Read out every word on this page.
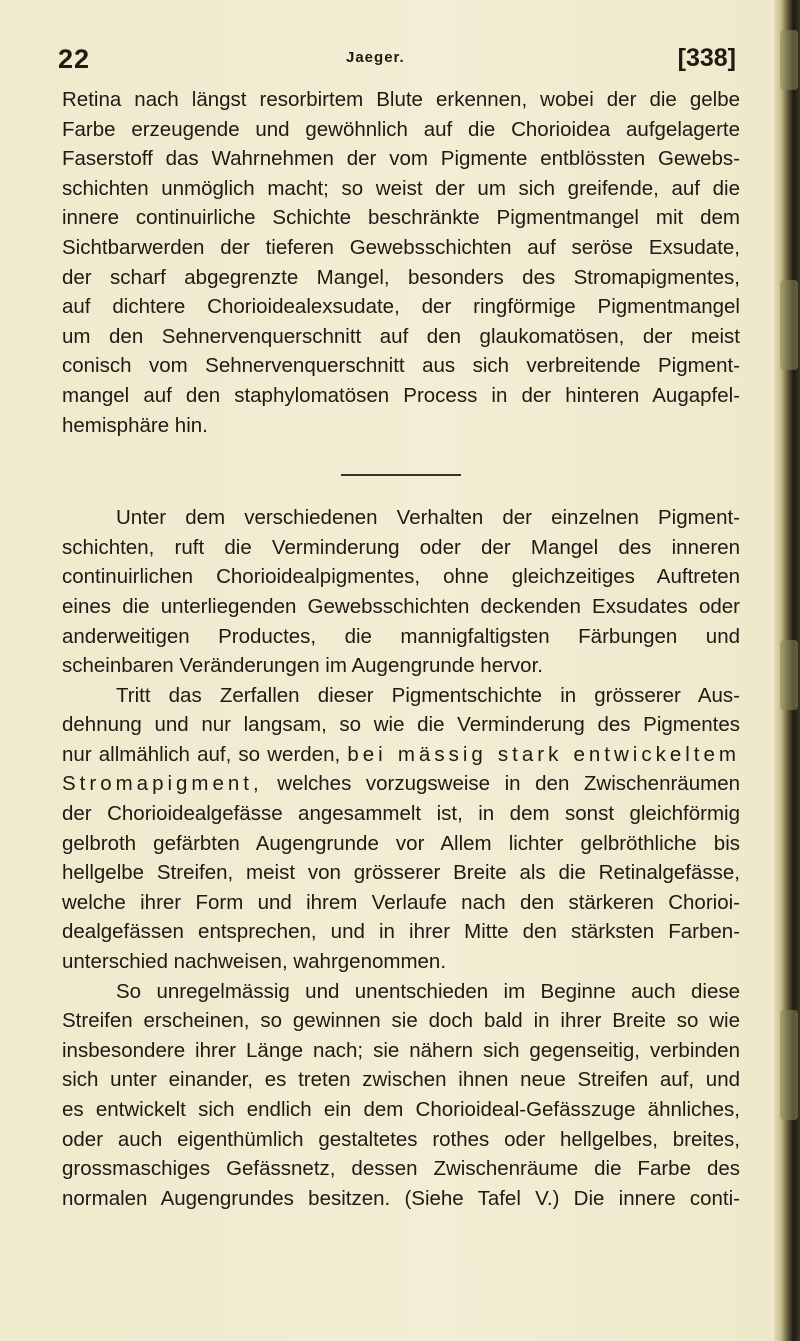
22	Jaeger.	[338]
Retina nach längst resorbirtem Blute erkennen, wobei der die gelbe
Farbe erzeugende und gewöhnlich auf die Chorioidea aufgelagerte
Faserstoff das Wahrnehmen der vom Pigmente entblössten Gewebs-
schichten unmöglich macht; so weist der um sich greifende, auf die
innere continuirliche Schichte beschränkte Pigmentmangel mit dem
Sichtbarwerden der tieferen Gewebsschichten auf seröse Exsudate,
der scharf abgegrenzte Mangel, besonders des Stromapigmentes,
auf dichtere Chorioidealexsudate, der ringförmige Pigmentmangel
um den Sehnervenquerschnitt auf den glaukomatösen, der meist
conisch vom Sehnervenquerschnitt aus sich verbreitende Pigment-
mangel auf den staphylomatösen Process in der hinteren Augapfel-
hemisphäre hin.
Unter dem verschiedenen Verhalten der einzelnen Pigment-
schichten, ruft die Verminderung oder der Mangel des inneren
continuirlichen Chorioidealpigmentes, ohne gleichzeitiges Auftreten
eines die unterliegenden Gewebsschichten deckenden Exsudates oder
anderweitigen Productes, die mannigfaltigsten Färbungen und
scheinbaren Veränderungen im Augengrunde hervor.
Tritt das Zerfallen dieser Pigmentschichte in grösserer Aus-
dehnung und nur langsam, so wie die Verminderung des Pigmentes
nur allmählich auf, so werden, bei mässig stark entwickeltem
Stromapigment, welches vorzugsweise in den Zwischenräumen
der Chorioidealgefässe angesammelt ist, in dem sonst gleichförmig
gelbroth gefärbten Augengrunde vor Allem lichter gelbröthliche bis
hellgelbe Streifen, meist von grösserer Breite als die Retinalgefässe,
welche ihrer Form und ihrem Verlaufe nach den stärkeren Chorioi-
dealgefässen entsprechen, und in ihrer Mitte den stärksten Farben-
unterschied nachweisen, wahrgenommen.
So unregelmässig und unentschieden im Beginne auch diese
Streifen erscheinen, so gewinnen sie doch bald in ihrer Breite so wie
insbesondere ihrer Länge nach; sie nähern sich gegenseitig, verbinden
sich unter einander, es treten zwischen ihnen neue Streifen auf, und
es entwickelt sich endlich ein dem Chorioideal-Gefässzuge ähnliches,
oder auch eigenthümlich gestaltetes rothes oder hellgelbes, breites,
grossmaschiges Gefässnetz, dessen Zwischenräume die Farbe des
normalen Augengrundes besitzen. (Siehe Tafel V.) Die innere conti-
